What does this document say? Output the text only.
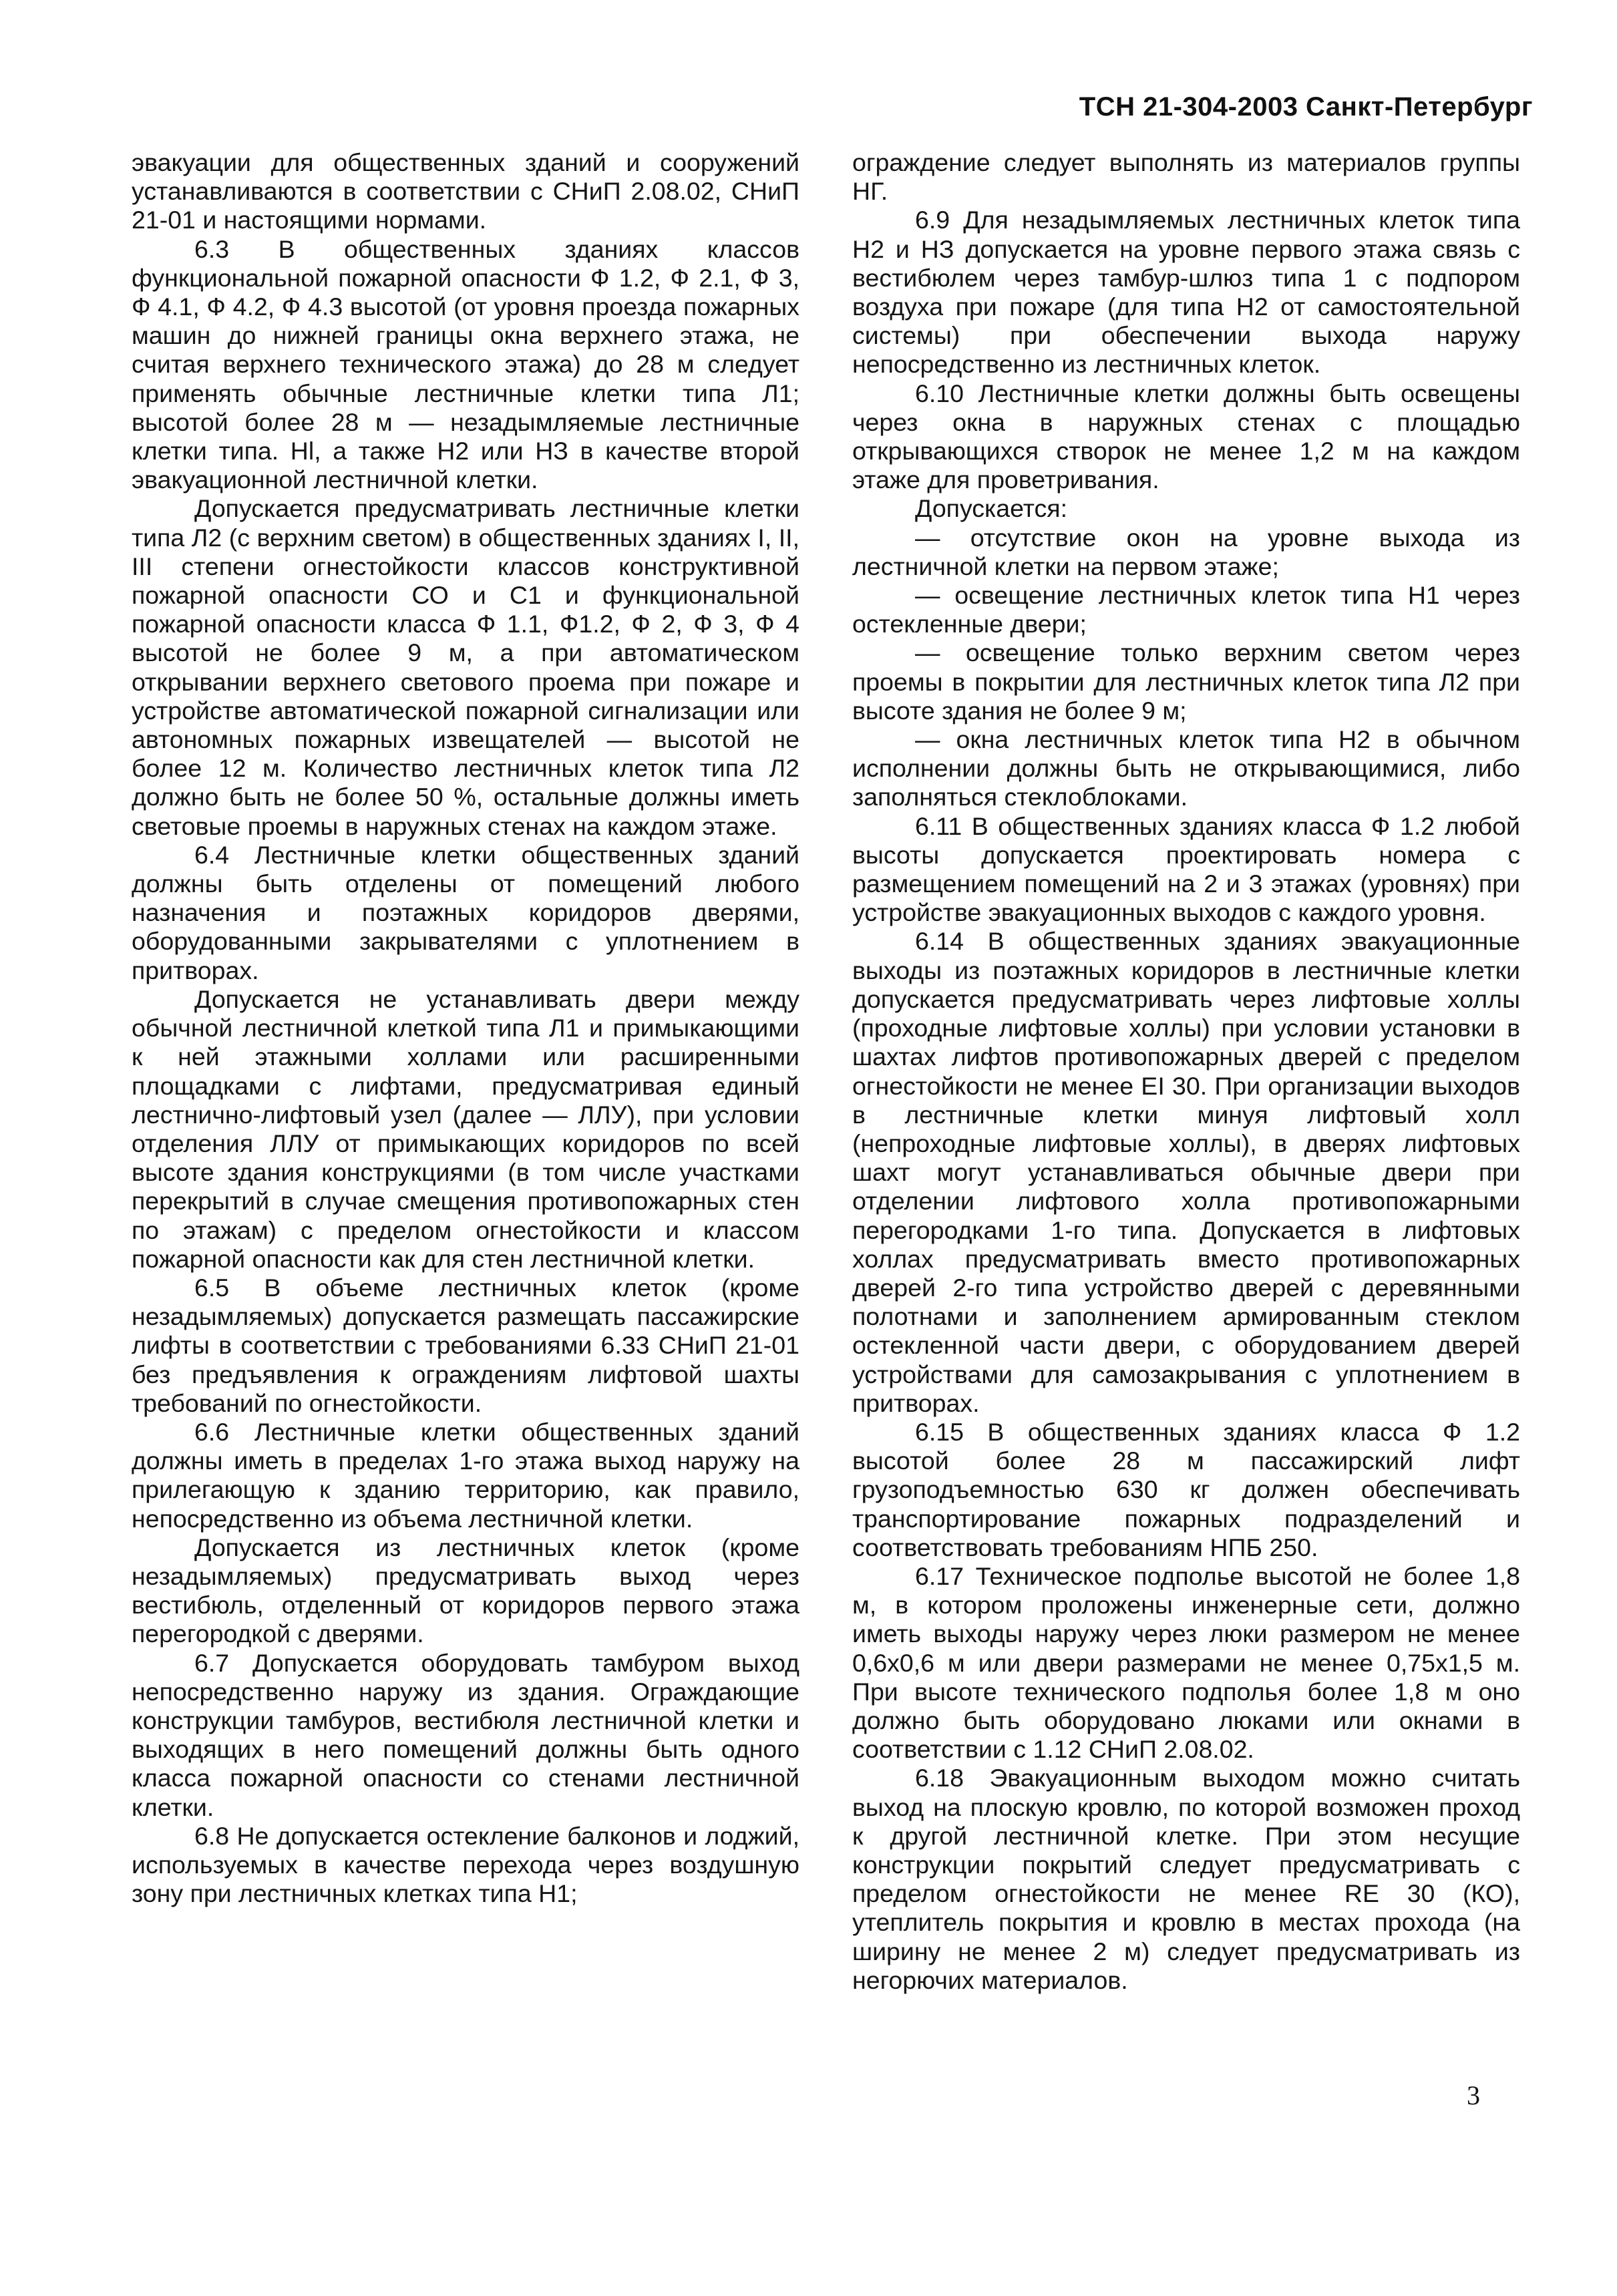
ТСН 21-304-2003 Санкт-Петербург

эвакуации для общественных зданий и сооружений устанавливаются в соответствии с СНиП 2.08.02, СНиП 21-01 и настоящими нормами.

6.3 В общественных зданиях классов функциональной пожарной опасности Ф 1.2, Ф 2.1, Ф 3, Ф 4.1, Ф 4.2, Ф 4.3 высотой (от уровня проезда пожарных машин до нижней границы окна верхнего этажа, не считая верхнего технического этажа) до 28 м следует применять обычные лестничные клетки типа Л1; высотой более 28 м — незадымляемые лестничные клетки типа. Hl, а также Н2 или НЗ в качестве второй эвакуационной лестничной клетки.

Допускается предусматривать лестничные клетки типа Л2 (с верхним светом) в общественных зданиях I, II, III степени огнестойкости классов конструктивной пожарной опасности СО и С1 и функциональной пожарной опасности класса Ф 1.1, Ф1.2, Ф 2, Ф 3, Ф 4 высотой не более 9 м, а при автоматическом открывании верхнего светового проема при пожаре и устройстве автоматической пожарной сигнализации или автономных пожарных извещателей — высотой не более 12 м. Количество лестничных клеток типа Л2 должно быть не более 50 %, остальные должны иметь световые проемы в наружных стенах на каждом этаже.

6.4 Лестничные клетки общественных зданий должны быть отделены от помещений любого назначения и поэтажных коридоров дверями, оборудованными закрывателями с уплотнением в притворах.

Допускается не устанавливать двери между обычной лестничной клеткой типа Л1 и примыкающими к ней этажными холлами или расширенными площадками с лифтами, предусматривая единый лестнично-лифтовый узел (далее — ЛЛУ), при условии отделения ЛЛУ от примыкающих коридоров по всей высоте здания конструкциями (в том числе участками перекрытий в случае смещения противопожарных стен по этажам) с пределом огнестойкости и классом пожарной опасности как для стен лестничной клетки.

6.5 В объеме лестничных клеток (кроме незадымляемых) допускается размещать пассажирские лифты в соответствии с требованиями 6.33 СНиП 21-01 без предъявления к ограждениям лифтовой шахты требований по огнестойкости.

6.6 Лестничные клетки общественных зданий должны иметь в пределах 1-го этажа выход наружу на прилегающую к зданию территорию, как правило, непосредственно из объема лестничной клетки.

Допускается из лестничных клеток (кроме незадымляемых) предусматривать выход через вестибюль, отделенный от коридоров первого этажа перегородкой с дверями.

6.7 Допускается оборудовать тамбуром выход непосредственно наружу из здания. Ограждающие конструкции тамбуров, вестибюля лестничной клетки и выходящих в него помещений должны быть одного класса пожарной опасности со стенами лестничной клетки.

6.8 Не допускается остекление балконов и лоджий, используемых в качестве перехода через воздушную зону при лестничных клетках типа Н1;

ограждение следует выполнять из материалов группы НГ.

6.9 Для незадымляемых лестничных клеток типа Н2 и НЗ допускается на уровне первого этажа связь с вестибюлем через тамбур-шлюз типа 1 с подпором воздуха при пожаре (для типа Н2 от самостоятельной системы) при обеспечении выхода наружу непосредственно из лестничных клеток.

6.10 Лестничные клетки должны быть освещены через окна в наружных стенах с площадью открывающихся створок не менее 1,2 м на каждом этаже для проветривания.

Допускается:

— отсутствие окон на уровне выхода из лестничной клетки на первом этаже;

— освещение лестничных клеток типа Н1 через остекленные двери;

— освещение только верхним светом через проемы в покрытии для лестничных клеток типа Л2 при высоте здания не более 9 м;

— окна лестничных клеток типа Н2 в обычном исполнении должны быть не открывающимися, либо заполняться стеклоблоками.

6.11 В общественных зданиях класса Ф 1.2 любой высоты допускается проектировать номера с размещением помещений на 2 и 3 этажах (уровнях) при устройстве эвакуационных выходов с каждого уровня.

6.14 В общественных зданиях эвакуационные выходы из поэтажных коридоров в лестничные клетки допускается предусматривать через лифтовые холлы (проходные лифтовые холлы) при условии установки в шахтах лифтов противопожарных дверей с пределом огнестойкости не менее EI 30. При организации выходов в лестничные клетки минуя лифтовый холл (непроходные лифтовые холлы), в дверях лифтовых шахт могут устанавливаться обычные двери при отделении лифтового холла противопожарными перегородками 1-го типа. Допускается в лифтовых холлах предусматривать вместо противопожарных дверей 2-го типа устройство дверей с деревянными полотнами и заполнением армированным стеклом остекленной части двери, с оборудованием дверей устройствами для самозакрывания с уплотнением в притворах.

6.15 В общественных зданиях класса Ф 1.2 высотой более 28 м пассажирский лифт грузоподъемностью 630 кг должен обеспечивать транспортирование пожарных подразделений и соответствовать требованиям НПБ 250.

6.17 Техническое подполье высотой не более 1,8 м, в котором проложены инженерные сети, должно иметь выходы наружу через люки размером не менее 0,6х0,6 м или двери размерами не менее 0,75х1,5 м. При высоте технического подполья более 1,8 м оно должно быть оборудовано люками или окнами в соответствии с 1.12 СНиП 2.08.02.

6.18 Эвакуационным выходом можно считать выход на плоскую кровлю, по которой возможен проход к другой лестничной клетке. При этом несущие конструкции покрытий следует предусматривать с пределом огнестойкости не менее RE 30 (КО), утеплитель покрытия и кровлю в местах прохода (на ширину не менее 2 м) следует предусматривать из негорючих материалов.

3
